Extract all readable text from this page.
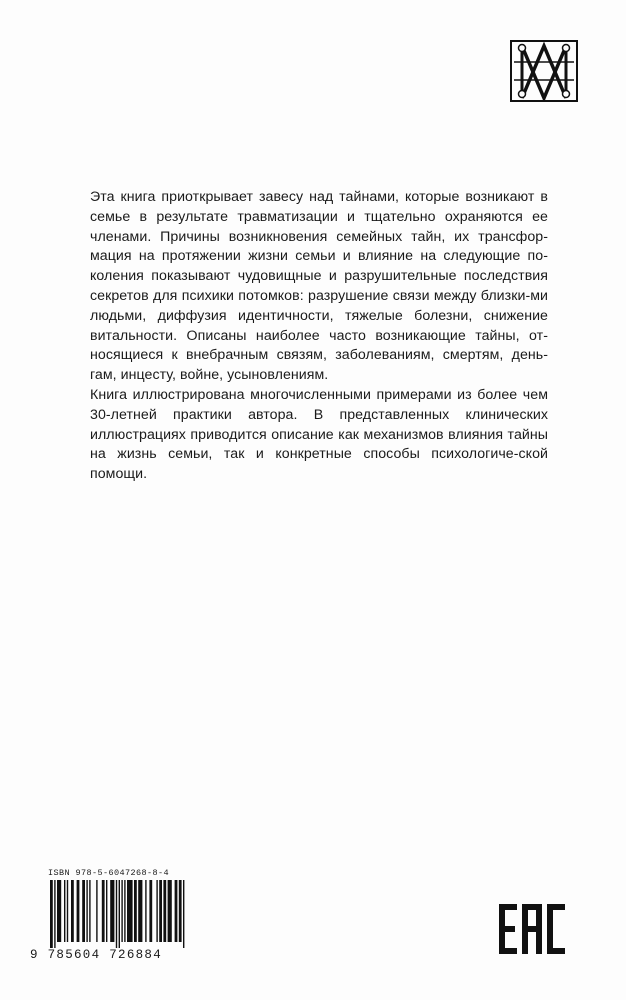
Эта книга приоткрывает завесу над тайнами, которые возникают в семье в результате травматизации и тщательно охраняются ее членами. Причины возникновения семейных тайн, их трансфор-мация на протяжении жизни семьи и влияние на следующие по-коления показывают чудовищные и разрушительные последствия секретов для психики потомков: разрушение связи между близки-ми людьми, диффузия идентичности, тяжелые болезни, снижение витальности. Описаны наиболее часто возникающие тайны, от-носящиеся к внебрачным связям, заболеваниям, смертям, день-гам, инцесту, войне, усыновлениям.

Книга иллюстрирована многочисленными примерами из более чем 30-летней практики автора. В представленных клинических иллюстрациях приводится описание как механизмов влияния тайны на жизнь семьи, так и конкретные способы психологиче-ской помощи.

ISBN 978-5-6047268-8-4
9 785604 726884
